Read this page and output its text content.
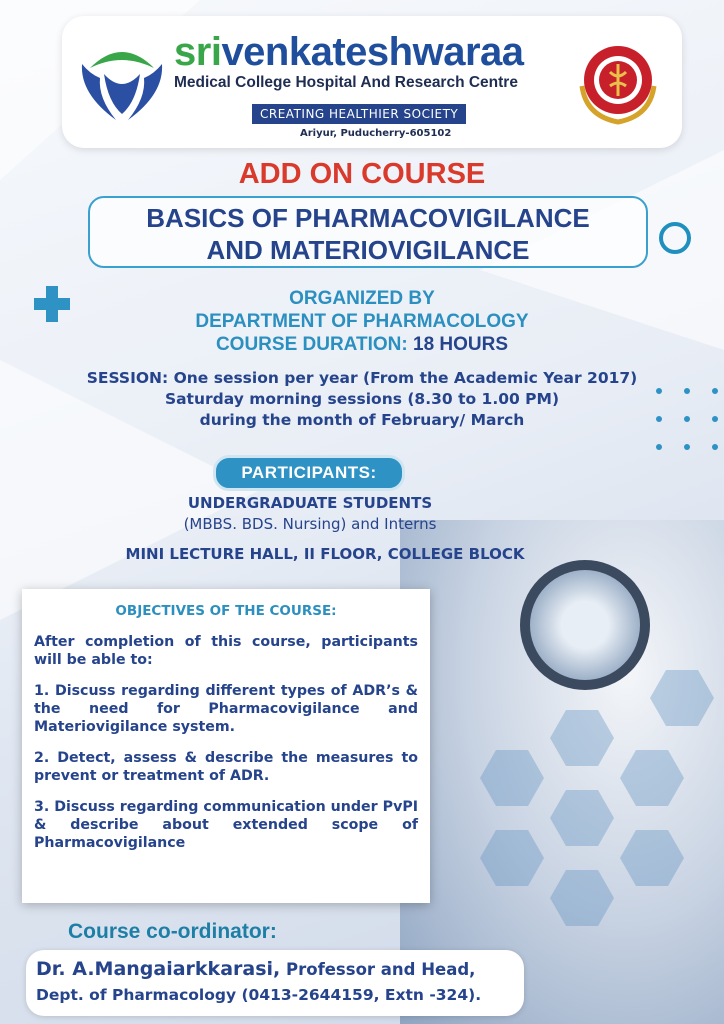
srivenkateshwaraa
Medical College Hospital And Research Centre
CREATING HEALTHIER SOCIETY
Ariyur, Puducherry-605102
ADD ON COURSE
BASICS OF PHARMACOVIGILANCE
AND MATERIOVIGILANCE
ORGANIZED BY
DEPARTMENT OF PHARMACOLOGY
COURSE DURATION: 18 HOURS
SESSION: One session per year (From the Academic Year 2017)
Saturday morning sessions (8.30 to 1.00 PM)
during the month of February/ March
PARTICIPANTS:
UNDERGRADUATE STUDENTS
(MBBS. BDS. Nursing) and Interns
MINI LECTURE HALL, II FLOOR, COLLEGE BLOCK
OBJECTIVES OF THE COURSE:

After completion of this course, participants will be able to:

1. Discuss regarding different types of ADR’s & the need for Pharmacovigilance and Materiovigilance system.

2. Detect, assess & describe the measures to prevent or treatment of ADR.

3. Discuss regarding communication under PvPI & describe about extended scope of Pharmacovigilance

Course co-ordinator:
Dr. A.Mangaiarkkarasi, Professor and Head,
Dept. of Pharmacology (0413-2644159, Extn -324).
